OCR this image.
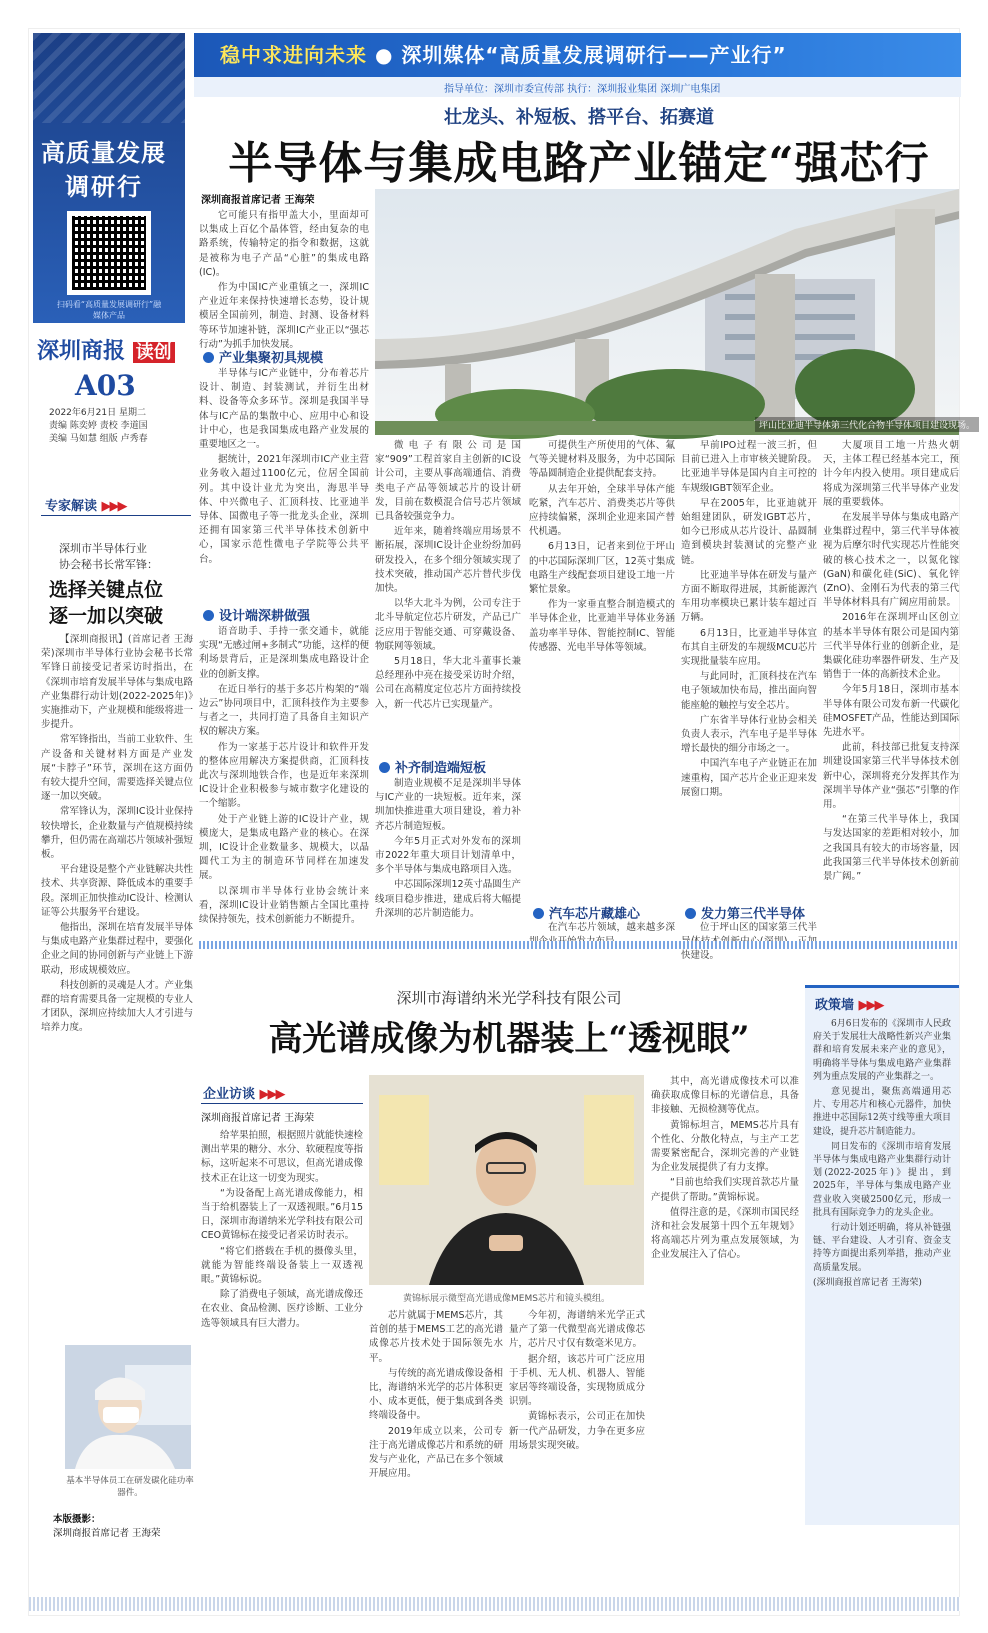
稳中求进向未来 ● 深圳媒体“高质量发展调研行——产业行”
指导单位：深圳市委宣传部 执行：深圳报业集团 深圳广电集团
高质量发展
调研行
扫码看“高质量发展调研行”融媒体产品
深圳商报 读创
A03
2022年6月21日 星期二
责编 陈奕婷 责校 李道国
美编 马如慧 组版 卢秀春
壮龙头、补短板、搭平台、拓赛道
半导体与集成电路产业锚定“强芯行
深圳商报首席记者 王海荣

它可能只有指甲盖大小，里面却可以集成上百亿个晶体管，经由复杂的电路系统，传输特定的指令和数据，这就是被称为电子产品“心脏”的集成电路(IC)。

作为中国IC产业重镇之一，深圳IC产业近年来保持快速增长态势，设计规模居全国前列，制造、封测、设备材料等环节加速补链，深圳IC产业正以“强芯行动”为抓手加快发展。

产业集聚初具规模

半导体与IC产业链中，分布着芯片设计、制造、封装测试，并衍生出材料、设备等众多环节。深圳是我国半导体与IC产品的集散中心、应用中心和设计中心，也是我国集成电路产业发展的重要地区之一。

据统计，2021年深圳市IC产业主营业务收入超过1100亿元，位居全国前列。其中设计业尤为突出，海思半导体、中兴微电子、汇顶科技、比亚迪半导体、国微电子等一批龙头企业，深圳还拥有国家第三代半导体技术创新中心，国家示范性微电子学院等公共平台。

设计端深耕做强

语音助手、手持一张交通卡，就能实现“无感过闸+多制式”功能，这样的便利场景背后，正是深圳集成电路设计企业的创新支撑。

在近日举行的基于多芯片构架的“端边云”协同项目中，汇顶科技作为主要参与者之一，共同打造了具备自主知识产权的解决方案。

作为一家基于芯片设计和软件开发的整体应用解决方案提供商，汇顶科技此次与深圳地铁合作，也是近年来深圳IC设计企业积极参与城市数字化建设的一个缩影。

处于产业链上游的IC设计产业，规模庞大，是集成电路产业的核心。在深圳，IC设计企业数量多、规模大，以晶圆代工为主的制造环节同样在加速发展。

以深圳市半导体行业协会统计来看，深圳IC设计业销售额占全国比重持续保持领先，技术创新能力不断提升。

坪山比亚迪半导体第三代化合物半导体项目建设现场。

微电子有限公司是国家“909”工程首家自主创新的IC设计公司，主要从事高端通信、消费类电子产品等领域芯片的设计研发，目前在数模混合信号芯片领域已具备较强竞争力。

近年来，随着终端应用场景不断拓展，深圳IC设计企业纷纷加码研发投入，在多个细分领域实现了技术突破，推动国产芯片替代步伐加快。

以华大北斗为例，公司专注于北斗导航定位芯片研发，产品已广泛应用于智能交通、可穿戴设备、物联网等领域。

5月18日，华大北斗董事长兼总经理孙中亮在接受采访时介绍，公司在高精度定位芯片方面持续投入，新一代芯片已实现量产。

补齐制造端短板

制造业规模不足是深圳半导体与IC产业的一块短板。近年来，深圳加快推进重大项目建设，着力补齐芯片制造短板。

今年5月正式对外发布的深圳市2022年重大项目计划清单中，多个半导体与集成电路项目入选。

中芯国际深圳12英寸晶圆生产线项目稳步推进，建成后将大幅提升深圳的芯片制造能力。

可提供生产所使用的气体、氟气等关键材料及服务，为中芯国际等晶圆制造企业提供配套支持。

从去年开始，全球半导体产能吃紧，汽车芯片、消费类芯片等供应持续偏紧，深圳企业迎来国产替代机遇。

6月13日，记者来到位于坪山的中芯国际深圳厂区，12英寸集成电路生产线配套项目建设工地一片繁忙景象。

作为一家垂直整合制造模式的半导体企业，比亚迪半导体业务涵盖功率半导体、智能控制IC、智能传感器、光电半导体等领域。

汽车芯片藏雄心

在汽车芯片领域，越来越多深

早前IPO过程一波三折，但目前已进入上市审核关键阶段。比亚迪半导体是国内自主可控的车规级IGBT领军企业。

早在2005年，比亚迪就开始组建团队，研发IGBT芯片，如今已形成从芯片设计、晶圆制造到模块封装测试的完整产业链。

比亚迪半导体在研发与量产方面不断取得进展，其新能源汽车用功率模块已累计装车超过百万辆。

6月13日，比亚迪半导体宣布其自主研发的车规级MCU芯片实现批量装车应用。

与此同时，汇顶科技在汽车电子领域加快布局，推出面向智能座舱的触控与安全芯片。

广东省半导体行业协会相关负责人表示，汽车电子是半导体增长最快的细分市场之一。

中国汽车电子产业链正在加速重构，国产芯片企业正迎来发展窗口期。

发力第三代半导体

位于坪山区的国家第三代半 快建设。

大厦项目工地一片热火朝天，主体工程已经基本完工，预计今年内投入使用。项目建成后将成为深圳第三代半导体产业发展的重要载体。

在发展半导体与集成电路产业集群过程中，第三代半导体被视为后摩尔时代实现芯片性能突破的核心技术之一，以氮化镓(GaN)和碳化硅(SiC)、氧化锌(ZnO)、金刚石为代表的第三代半导体材料具有广阔应用前景。

2016年在深圳坪山区创立的基本半导体有限公司是国内第三代半导体行业的创新企业，是集碳化硅功率器件研发、生产及销售于一体的高新技术企业。

今年5月18日，深圳市基本半导体有限公司发布新一代碳化硅MOSFET产品，性能达到国际先进水平。

此前，科技部已批复支持深圳建设国家第三代半导体技术创新中心，深圳将充分发挥其作为深圳半导体产业“强芯”引擎的作用。

“在第三代半导体上，我国与发达国家的差距相对较小，加之我国具有较大的市场容量，因此我国第三代半导体技术创新前景广阔。”

专家解读 ▶▶▶
深圳市半导体行业
协会秘书长常军锋：
选择关键点位
逐一加以突破

【深圳商报讯】(首席记者 王海荣)深圳市半导体行业协会秘书长常军锋日前接受记者采访时指出，在《深圳市培育发展半导体与集成电路产业集群行动计划(2022-2025年)》实施推动下，产业规模和能级将进一步提升。

常军锋指出，当前工业软件、生产设备和关键材料方面是产业发展“卡脖子”环节，深圳在这方面仍有较大提升空间，需要选择关键点位逐一加以突破。

常军锋认为，深圳IC设计业保持较快增长，企业数量与产值规模持续攀升，但仍需在高端芯片领域补强短板。

平台建设是整个产业链解决共性技术、共享资源、降低成本的重要手段。深圳正加快推动IC设计、检测认证等公共服务平台建设。

他指出，深圳在培育发展半导体与集成电路产业集群过程中，要强化企业之间的协同创新与产业链上下游联动，形成规模效应。

科技创新的灵魂是人才。产业集群的培育需要具备一定规模的专业人才团队，深圳应持续加大人才引进与培养力度。

基本半导体员工在研发碳化硅功率器件。
本版摄影：
深圳商报首席记者 王海荣
深圳市海谱纳米光学科技有限公司
高光谱成像为机器装上“透视眼”
企业访谈 ▶▶▶
深圳商报首席记者 王海荣

给苹果拍照，根据照片就能快速检测出苹果的糖分、水分、软硬程度等指标，这听起来不可思议，但高光谱成像技术正在让这一切变为现实。

“为设备配上高光谱成像能力，相当于给机器装上了一双透视眼。”6月15日，深圳市海谱纳米光学科技有限公司CEO黄锦标在接受记者采访时表示。

“将它们搭载在手机的摄像头里，就能为智能终端设备装上一双透视眼。”黄锦标说。

除了消费电子领域，高光谱成像还在农业、食品检测、医疗诊断、工业分选等领域具有巨大潜力。

黄锦标展示微型高光谱成像MEMS芯片和镜头模组。

芯片就属于MEMS芯片，其首创的基于MEMS工艺的高光谱成像芯片技术处于国际领先水平。

与传统的高光谱成像设备相比，海谱纳米光学的芯片体积更小、成本更低，便于集成到各类终端设备中。

2019年成立以来，公司专注于高光谱成像芯片和系统的研发与产业化，产品已在多个领域开展应用。

今年初，海谱纳米光学正式量产了第一代微型高光谱成像芯片，芯片尺寸仅有数毫米见方。

据介绍，该芯片可广泛应用于手机、无人机、机器人、智能家居等终端设备，实现物质成分识别。

黄锦标表示，公司正在加快新一代产品研发，力争在更多应用场景实现突破。

其中，高光谱成像技术可以准确获取成像目标的光谱信息，具备非接触、无损检测等优点。

黄锦标坦言，MEMS芯片具有个性化、分散化特点，与主产工艺需要紧密配合，深圳完善的产业链为企业发展提供了有力支撑。

“目前也给我们实现首款芯片量产提供了帮助。”黄锦标说。

值得注意的是，《深圳市国民经济和社会发展第十四个五年规划》将高端芯片列为重点发展领域，为企业发展注入了信心。

政策墙 ▶▶▶

6月6日发布的《深圳市人民政府关于发展壮大战略性新兴产业集群和培育发展未来产业的意见》，明确将半导体与集成电路产业集群列为重点发展的产业集群之一。

意见提出，聚焦高端通用芯片、专用芯片和核心元器件，加快推进中芯国际12英寸线等重大项目建设，提升芯片制造能力。

同日发布的《深圳市培育发展半导体与集成电路产业集群行动计划(2022-2025年)》提出，到2025年，半导体与集成电路产业营业收入突破2500亿元，形成一批具有国际竞争力的龙头企业。

行动计划还明确，将从补链强链、平台建设、人才引育、资金支持等方面提出系列举措，推动产业高质量发展。

(深圳商报首席记者 王海荣)
